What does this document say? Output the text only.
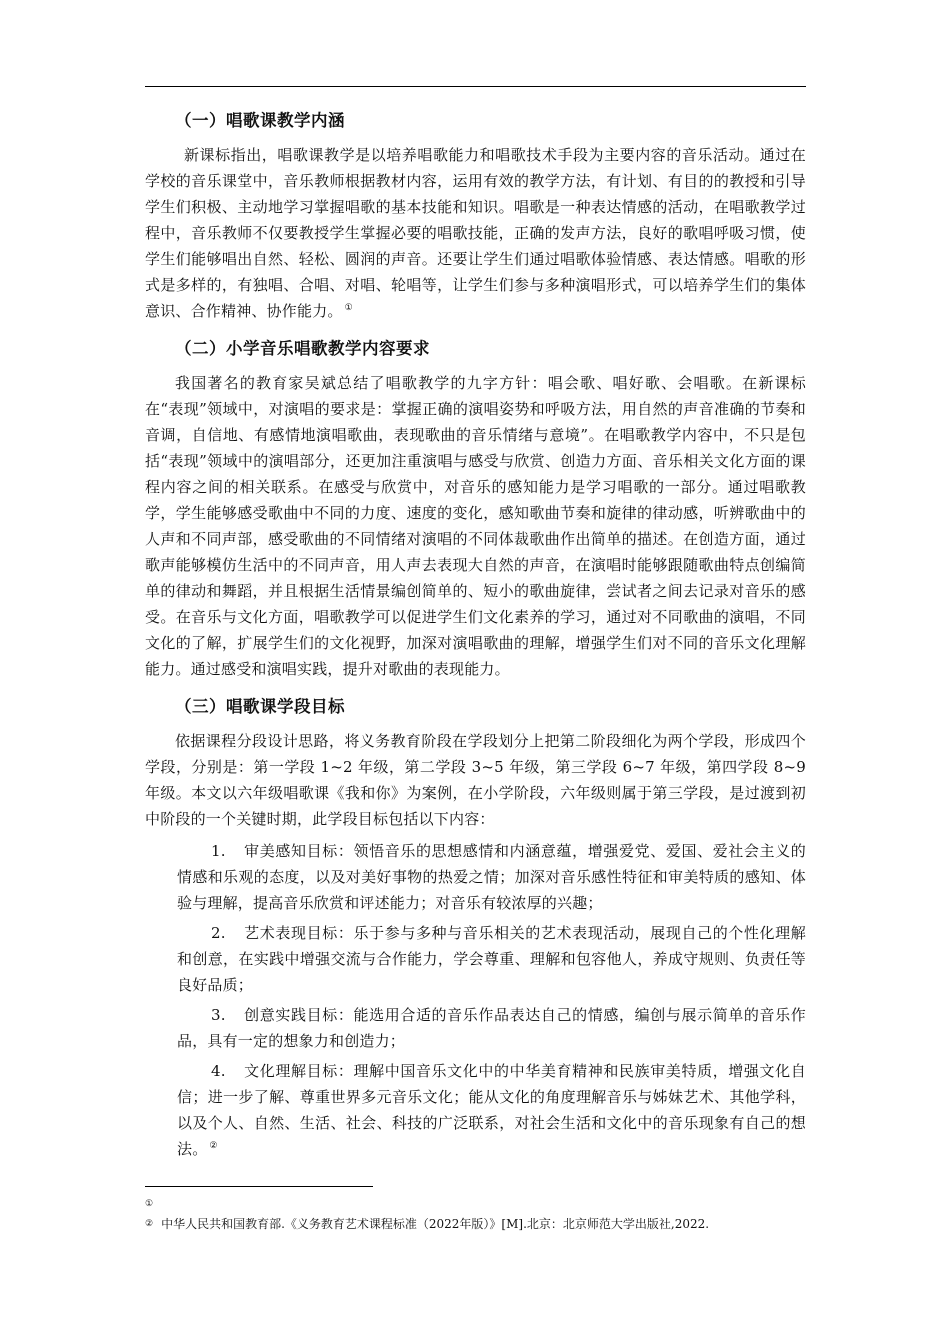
（一）唱歌课教学内涵

新课标指出，唱歌课教学是以培养唱歌能力和唱歌技术手段为主要内容的音乐活动。通过在学校的音乐课堂中，音乐教师根据教材内容，运用有效的教学方法，有计划、有目的的教授和引导学生们积极、主动地学习掌握唱歌的基本技能和知识。唱歌是一种表达情感的活动，在唱歌教学过程中，音乐教师不仅要教授学生掌握必要的唱歌技能，正确的发声方法，良好的歌唱呼吸习惯，使学生们能够唱出自然、轻松、圆润的声音。还要让学生们通过唱歌体验情感、表达情感。唱歌的形式是多样的，有独唱、合唱、对唱、轮唱等，让学生们参与多种演唱形式，可以培养学生们的集体意识、合作精神、协作能力。 ①

（二）小学音乐唱歌教学内容要求

我国著名的教育家吴斌总结了唱歌教学的九字方针：唱会歌、唱好歌、会唱歌。在新课标在“表现”领域中，对演唱的要求是：掌握正确的演唱姿势和呼吸方法，用自然的声音准确的节奏和音调，自信地、有感情地演唱歌曲，表现歌曲的音乐情绪与意境”。在唱歌教学内容中，不只是包括“表现”领域中的演唱部分，还更加注重演唱与感受与欣赏、创造力方面、音乐相关文化方面的课程内容之间的相关联系。在感受与欣赏中，对音乐的感知能力是学习唱歌的一部分。通过唱歌教学，学生能够感受歌曲中不同的力度、速度的变化，感知歌曲节奏和旋律的律动感，听辨歌曲中的人声和不同声部，感受歌曲的不同情绪对演唱的不同体裁歌曲作出简单的描述。在创造方面，通过歌声能够模仿生活中的不同声音，用人声去表现大自然的声音，在演唱时能够跟随歌曲特点创编简单的律动和舞蹈，并且根据生活情景编创简单的、短小的歌曲旋律，尝试者之间去记录对音乐的感受。在音乐与文化方面，唱歌教学可以促进学生们文化素养的学习，通过对不同歌曲的演唱，不同文化的了解，扩展学生们的文化视野，加深对演唱歌曲的理解，增强学生们对不同的音乐文化理解能力。通过感受和演唱实践，提升对歌曲的表现能力。

（三）唱歌课学段目标

依据课程分段设计思路，将义务教育阶段在学段划分上把第二阶段细化为两个学段，形成四个学段，分别是：第一学段 1~2 年级，第二学段 3~5 年级，第三学段 6~7 年级，第四学段 8~9 年级。本文以六年级唱歌课《我和你》为案例，在小学阶段，六年级则属于第三学段，是过渡到初中阶段的一个关键时期，此学段目标包括以下内容：

1. 审美感知目标：领悟音乐的思想感情和内涵意蕴，增强爱党、爱国、爱社会主义的情感和乐观的态度，以及对美好事物的热爱之情；加深对音乐感性特征和审美特质的感知、体验与理解，提高音乐欣赏和评述能力；对音乐有较浓厚的兴趣；
2. 艺术表现目标：乐于参与多种与音乐相关的艺术表现活动，展现自己的个性化理解和创意，在实践中增强交流与合作能力，学会尊重、理解和包容他人，养成守规则、负责任等良好品质；
3. 创意实践目标：能选用合适的音乐作品表达自己的情感，编创与展示简单的音乐作品，具有一定的想象力和创造力；
4. 文化理解目标：理解中国音乐文化中的中华美育精神和民族审美特质，增强文化自信；进一步了解、尊重世界多元音乐文化；能从文化的角度理解音乐与姊妹艺术、其他学科，以及个人、自然、生活、社会、科技的广泛联系，对社会生活和文化中的音乐现象有自己的想法。 ②
①
② 中华人民共和国教育部.《义务教育艺术课程标准（2022年版）》[M].北京：北京师范大学出版社,2022.
